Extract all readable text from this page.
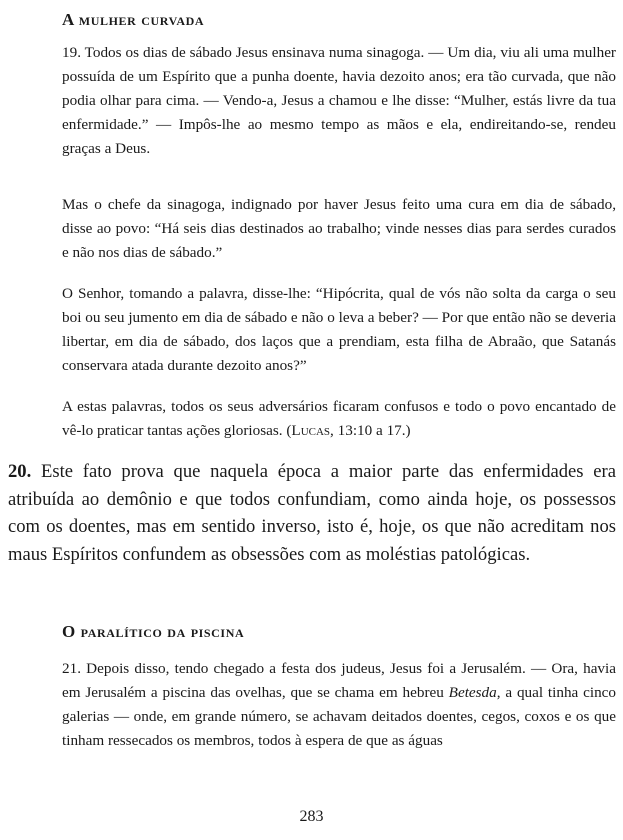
A mulher curvada

19. Todos os dias de sábado Jesus ensinava numa sinagoga. — Um dia, viu ali uma mulher possuída de um Espírito que a punha doente, havia dezoito anos; era tão curvada, que não podia olhar para cima. — Vendo-a, Jesus a chamou e lhe disse: “Mulher, estás livre da tua enfermidade.” — Impôs-lhe ao mesmo tempo as mãos e ela, endireitando-se, rendeu graças a Deus.

Mas o chefe da sinagoga, indignado por haver Jesus feito uma cura em dia de sábado, disse ao povo: “Há seis dias destinados ao trabalho; vinde nesses dias para serdes curados e não nos dias de sábado.”

O Senhor, tomando a palavra, disse-lhe: “Hipócrita, qual de vós não solta da carga o seu boi ou seu jumento em dia de sábado e não o leva a beber? — Por que então não se deveria libertar, em dia de sábado, dos laços que a prendiam, esta filha de Abraão, que Satanás conservara atada durante dezoito anos?”

A estas palavras, todos os seus adversários ficaram confusos e todo o povo encantado de vê-lo praticar tantas ações gloriosas. (Lucas, 13:10 a 17.)

20. Este fato prova que naquela época a maior parte das enfermidades era atribuída ao demônio e que todos confundiam, como ainda hoje, os possessos com os doentes, mas em sentido inverso, isto é, hoje, os que não acreditam nos maus Espíritos confundem as obsessões com as moléstias patológicas.

O paralítico da piscina

21. Depois disso, tendo chegado a festa dos judeus, Jesus foi a Jerusalém. — Ora, havia em Jerusalém a piscina das ovelhas, que se chama em hebreu Betesda, a qual tinha cinco galerias — onde, em grande número, se achavam deitados doentes, cegos, coxos e os que tinham ressecados os membros, todos à espera de que as águas

283
